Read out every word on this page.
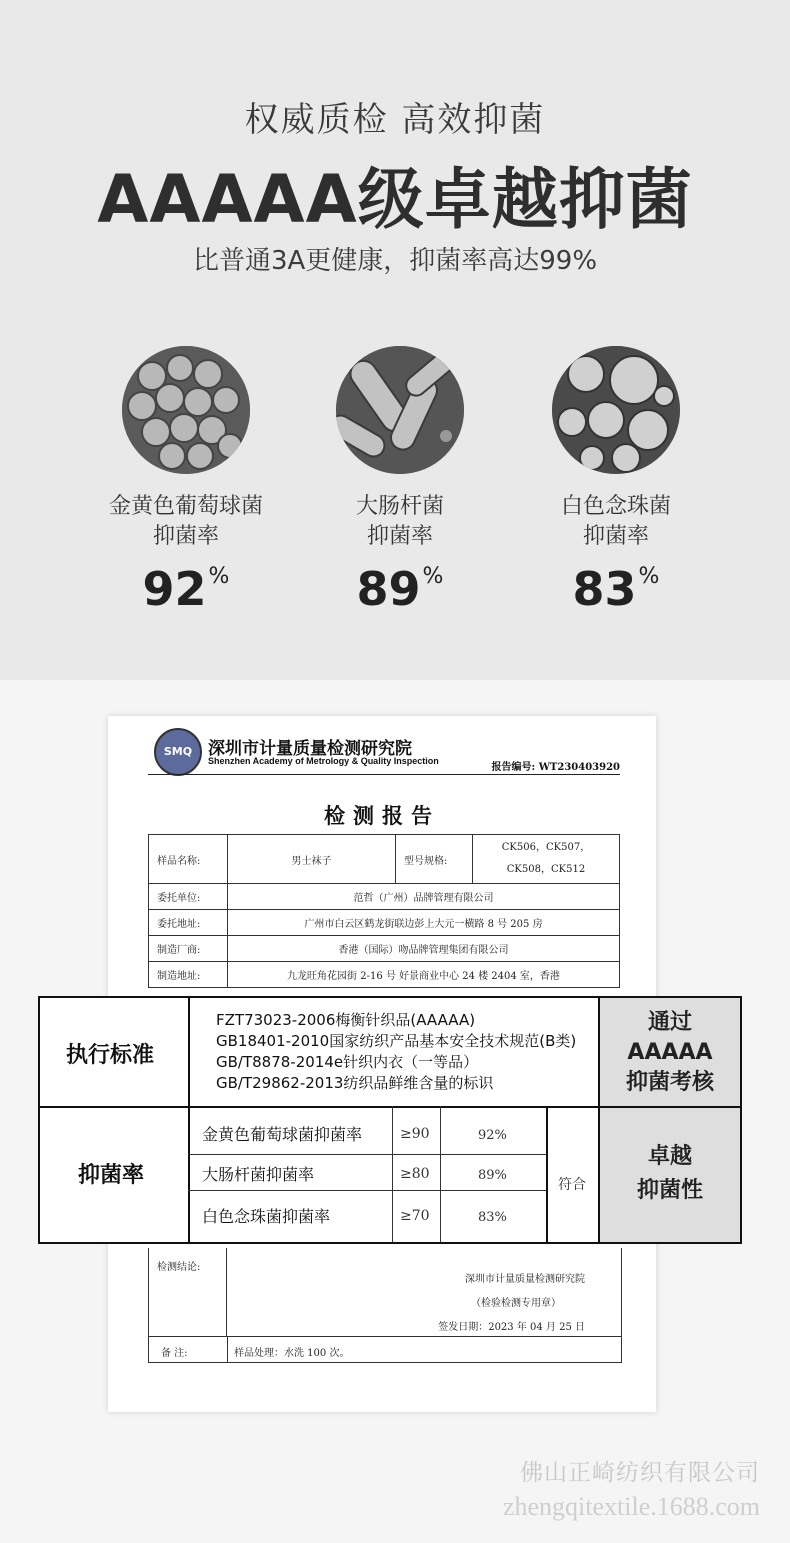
权威质检 高效抑菌
AAAAA级卓越抑菌
比普通3A更健康，抑菌率高达99%
金黄色葡萄球菌
抑菌率
92%
大肠杆菌
抑菌率
89%
白色念珠菌
抑菌率
83%
SMQ 深圳市计量质量检测研究院
Shenzhen Academy of Metrology & Quality Inspection
报告编号: WT230403920
检测报告
样品名称:	男士袜子	型号规格:	CK506，CK507，
CK508，CK512

委托单位:	范哲（广州）品牌管理有限公司		
委托地址:	广州市白云区鹤龙街联边彭上大元一横路 8 号 205 房		
制造厂商:	香港（国际）吻品牌管理集团有限公司		
制造地址:	九龙旺角花园街 2-16 号 好景商业中心 24 楼 2404 室，香港		
检测结论:
深圳市计量质量检测研究院
（检验检测专用章）
签发日期：2023 年 04 月 25 日
备 注:	样品处理：水洗 100 次。
执行标准
FZT73023-2006梅衡针织品(AAAAA)
GB18401-2010国家纺织产品基本安全技术规范(B类)
GB/T8878-2014e针织内衣（一等品）
GB/T29862-2013纺织品鲜维含量的标识
通过
AAAAA
抑菌考核
抑菌率
金黄色葡萄球菌抑菌率	≥90	92%
大肠杆菌抑菌率	≥80	89%
白色念珠菌抑菌率	≥70	83%
符合
卓越
抑菌性
佛山正崎纺织有限公司
zhengqitextile.1688.com
